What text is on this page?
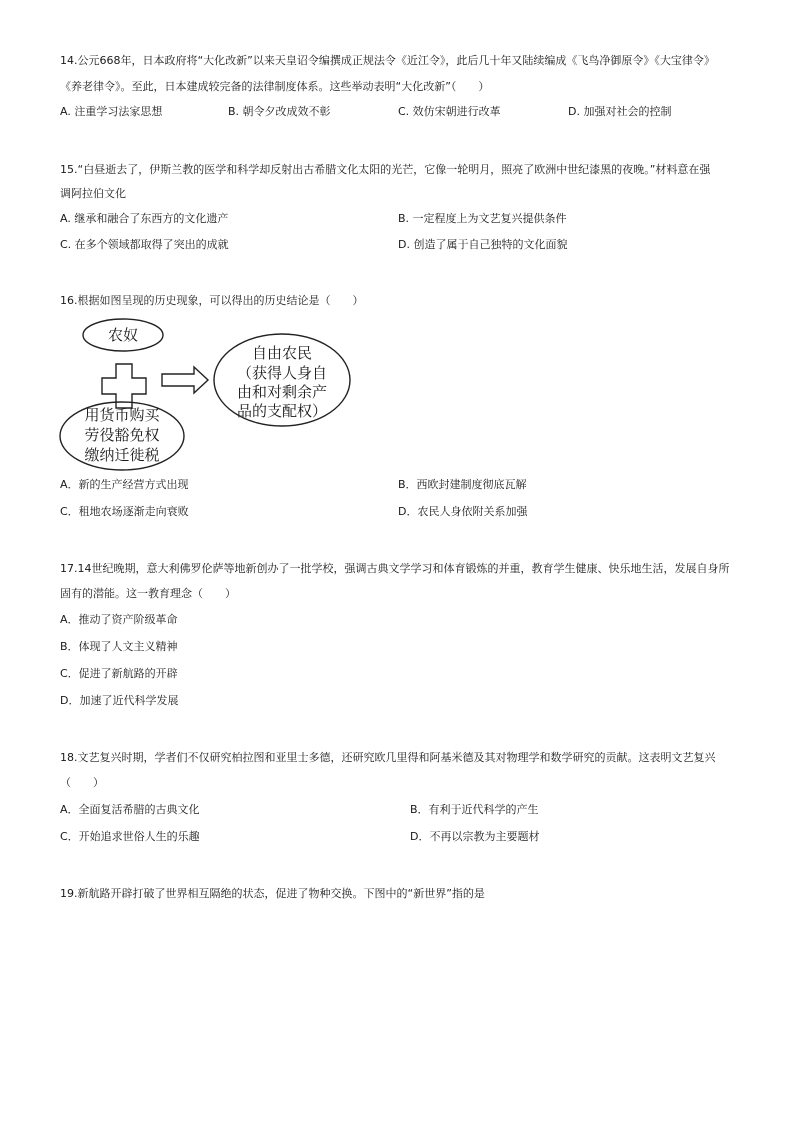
14.公元668年，日本政府将“大化改新”以来天皇诏令编撰成正规法令《近江令》，此后几十年又陆续编成《飞鸟净御原令》《大宝律令》
《养老律令》。至此，日本建成较完备的法律制度体系。这些举动表明“大化改新”（　　）
A. 注重学习法家思想	B. 朝令夕改成效不彰	C. 效仿宋朝进行改革	D. 加强对社会的控制
15.“白昼逝去了，伊斯兰教的医学和科学却反射出古希腊文化太阳的光芒，它像一轮明月，照亮了欧洲中世纪漆黑的夜晚。”材料意在强
调阿拉伯文化
A. 继承和融合了东西方的文化遗产	B. 一定程度上为文艺复兴提供条件
C. 在多个领域都取得了突出的成就	D. 创造了属于自己独特的文化面貌
16.根据如图呈现的历史现象，可以得出的历史结论是（　　）
农奴
用货币购买
劳役豁免权
缴纳迁徙税
自由农民
（获得人身自
由和对剩余产
品的支配权）
A．新的生产经营方式出现	B．西欧封建制度彻底瓦解
C．租地农场逐渐走向衰败	D．农民人身依附关系加强
17.14世纪晚期，意大利佛罗伦萨等地新创办了一批学校，强调古典文学学习和体育锻炼的并重，教育学生健康、快乐地生活，发展自身所
固有的潜能。这一教育理念（　　）
A．推动了资产阶级革命
B．体现了人文主义精神
C．促进了新航路的开辟
D．加速了近代科学发展
18.文艺复兴时期，学者们不仅研究柏拉图和亚里士多德，还研究欧几里得和阿基米德及其对物理学和数学研究的贡献。这表明文艺复兴
（　　）
A．全面复活希腊的古典文化	B．有利于近代科学的产生
C．开始追求世俗人生的乐趣	D．不再以宗教为主要题材
19.新航路开辟打破了世界相互隔绝的状态，促进了物种交换。下图中的“新世界”指的是
